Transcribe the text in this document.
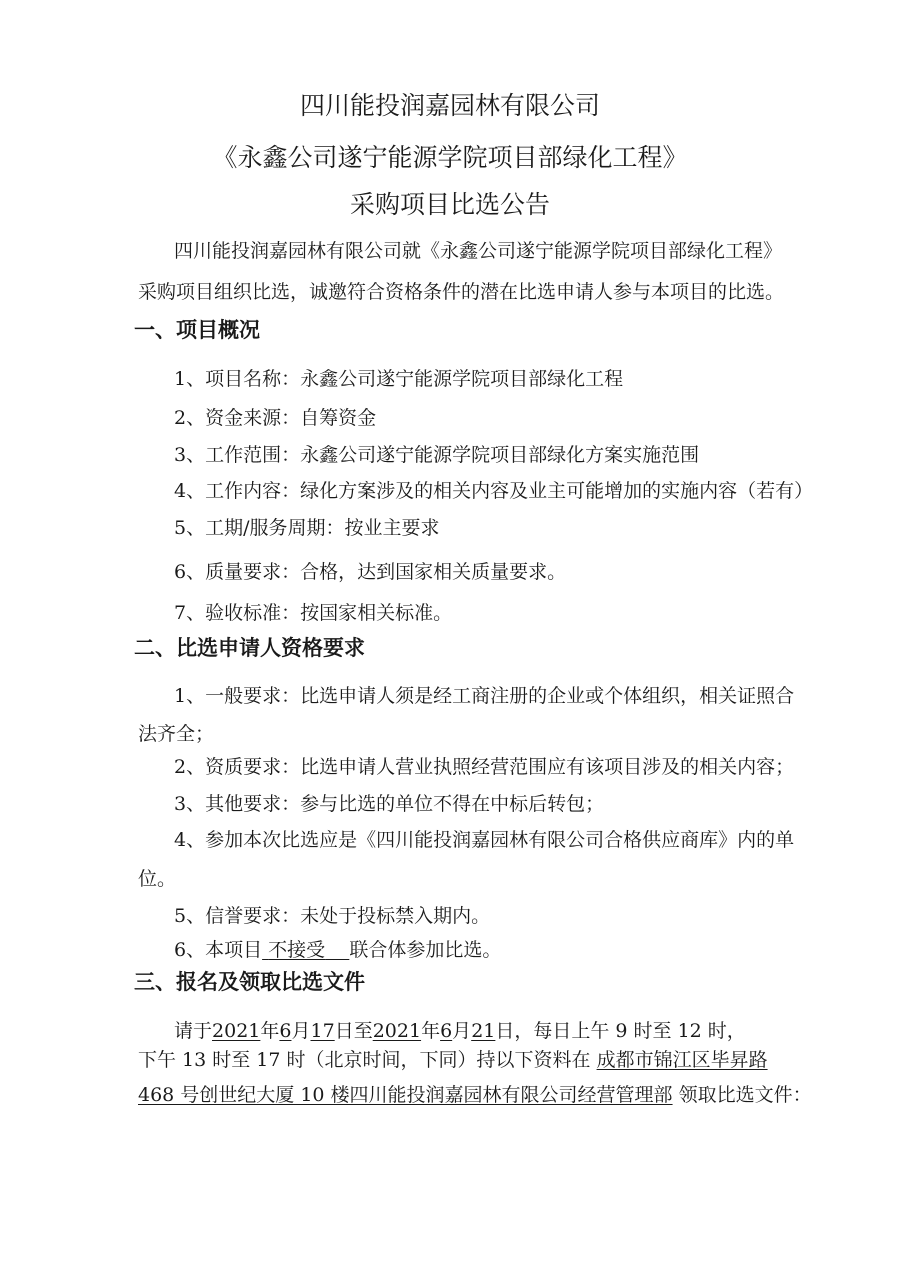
四川能投润嘉园林有限公司
《永鑫公司遂宁能源学院项目部绿化工程》
采购项目比选公告
四川能投润嘉园林有限公司就《永鑫公司遂宁能源学院项目部绿化工程》
采购项目组织比选，诚邀符合资格条件的潜在比选申请人参与本项目的比选。
一、项目概况
1、项目名称：永鑫公司遂宁能源学院项目部绿化工程
2、资金来源：自筹资金
3、工作范围：永鑫公司遂宁能源学院项目部绿化方案实施范围
4、工作内容：绿化方案涉及的相关内容及业主可能增加的实施内容（若有）
5、工期/服务周期：按业主要求
6、质量要求：合格，达到国家相关质量要求。
7、验收标准：按国家相关标准。
二、比选申请人资格要求
1、一般要求：比选申请人须是经工商注册的企业或个体组织，相关证照合
法齐全；
2、资质要求：比选申请人营业执照经营范围应有该项目涉及的相关内容；
3、其他要求：参与比选的单位不得在中标后转包；
4、参加本次比选应是《四川能投润嘉园林有限公司合格供应商库》内的单
位。
5、信誉要求：未处于投标禁入期内。
6、本项目 不接受 联合体参加比选。
三、报名及领取比选文件
请于2021年6月17日至2021年6月21日，每日上午 9 时至 12 时，
下午 13 时至 17 时（北京时间，下同）持以下资料在 成都市锦江区毕昇路
468 号创世纪大厦 10 楼四川能投润嘉园林有限公司经营管理部 领取比选文件：
